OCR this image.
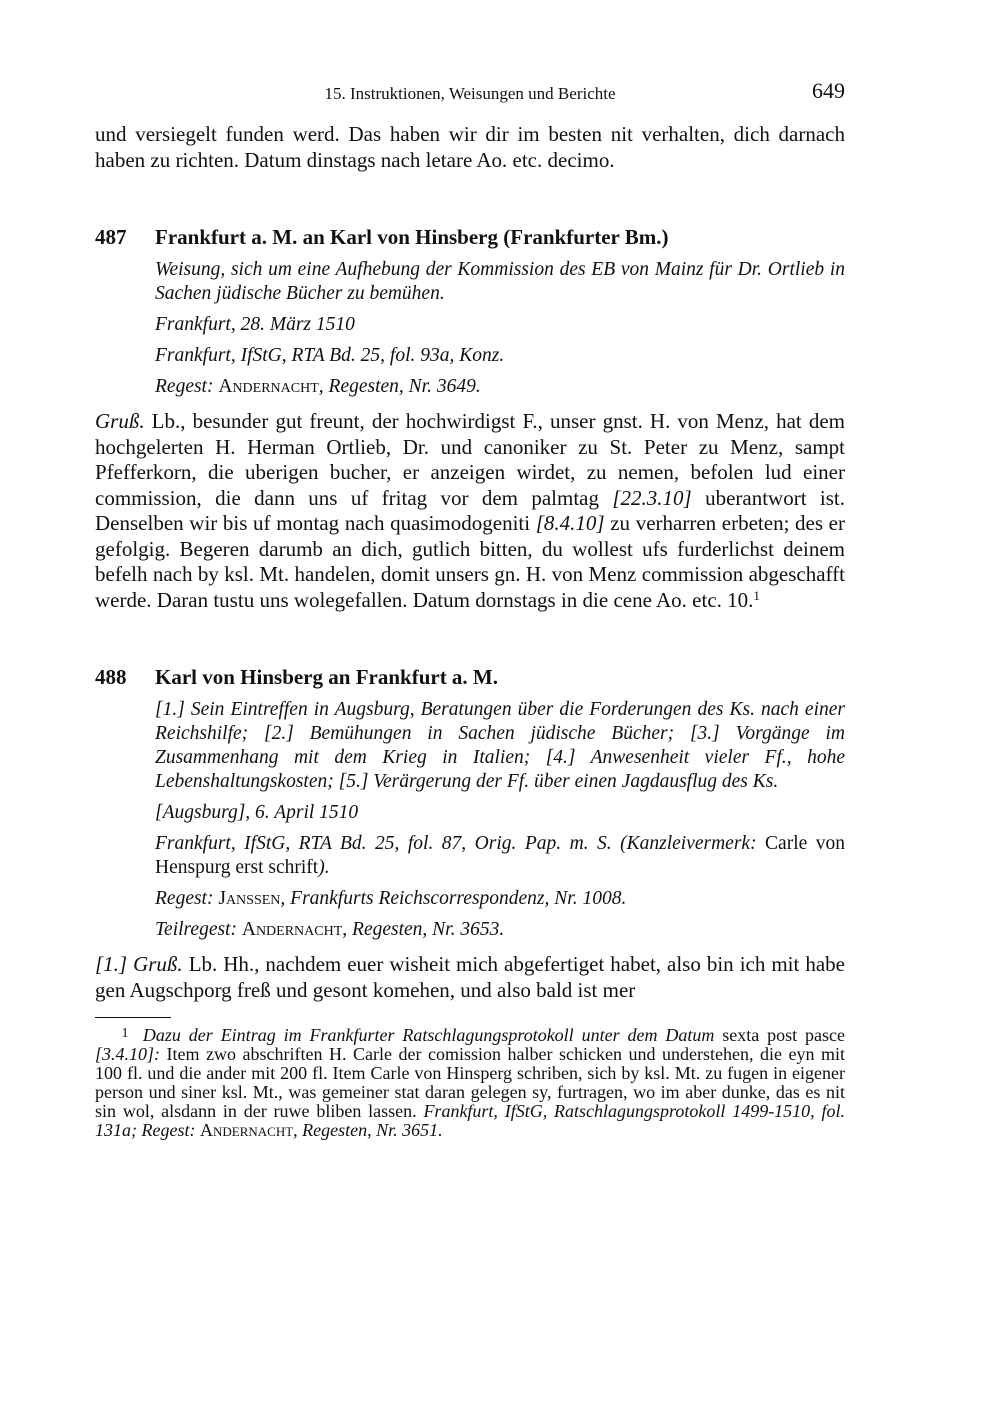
15. Instruktionen, Weisungen und Berichte	649

und versiegelt funden werd. Das haben wir dir im besten nit verhalten, dich darnach haben zu richten. Datum dinstags nach letare Ao. etc. decimo.

487	Frankfurt a. M. an Karl von Hinsberg (Frankfurter Bm.)

Weisung, sich um eine Aufhebung der Kommission des EB von Mainz für Dr. Ortlieb in Sachen jüdische Bücher zu bemühen.

Frankfurt, 28. März 1510

Frankfurt, IfStG, RTA Bd. 25, fol. 93a, Konz.

Regest: Andernacht, Regesten, Nr. 3649.

Gruß. Lb., besunder gut freunt, der hochwirdigst F., unser gnst. H. von Menz, hat dem hochgelerten H. Herman Ortlieb, Dr. und canoniker zu St. Peter zu Menz, sampt Pfefferkorn, die uberigen bucher, er anzeigen wirdet, zu nemen, befolen lud einer commission, die dann uns uf fritag vor dem palmtag [22.3.10] uberantwort ist. Denselben wir bis uf montag nach quasimodogeniti [8.4.10] zu verharren erbeten; des er gefolgig. Begeren darumb an dich, gutlich bitten, du wollest ufs furderlichst deinem befelh nach by ksl. Mt. handelen, domit unsers gn. H. von Menz commission abgeschafft werde. Daran tustu uns wolegefallen. Datum dornstags in die cene Ao. etc. 10.$^1$

488	Karl von Hinsberg an Frankfurt a. M.

[1.] Sein Eintreffen in Augsburg, Beratungen über die Forderungen des Ks. nach einer Reichshilfe; [2.] Bemühungen in Sachen jüdische Bücher; [3.] Vorgänge im Zusammenhang mit dem Krieg in Italien; [4.] Anwesenheit vieler Ff., hohe Lebenshaltungskosten; [5.] Verärgerung der Ff. über einen Jagdausflug des Ks.

[Augsburg], 6. April 1510

Frankfurt, IfStG, RTA Bd. 25, fol. 87, Orig. Pap. m. S. (Kanzleivermerk: Carle von Henspurg erst schrift).

Regest: Janssen, Frankfurts Reichscorrespondenz, Nr. 1008.

Teilregest: Andernacht, Regesten, Nr. 3653.

[1.] Gruß. Lb. Hh., nachdem euer wisheit mich abgefertiget habet, also bin ich mit habe gen Augschporg freß und gesont komehen, und also bald ist mer

1 Dazu der Eintrag im Frankfurter Ratschlagungsprotokoll unter dem Datum sexta post pasce [3.4.10]: Item zwo abschriften H. Carle der comission halber schicken und understehen, die eyn mit 100 fl. und die ander mit 200 fl. Item Carle von Hinsperg schriben, sich by ksl. Mt. zu fugen in eigener person und siner ksl. Mt., was gemeiner stat daran gelegen sy, furtragen, wo im aber dunke, das es nit sin wol, alsdann in der ruwe bliben lassen. Frankfurt, IfStG, Ratschlagungsprotokoll 1499-1510, fol. 131a; Regest: Andernacht, Regesten, Nr. 3651.
